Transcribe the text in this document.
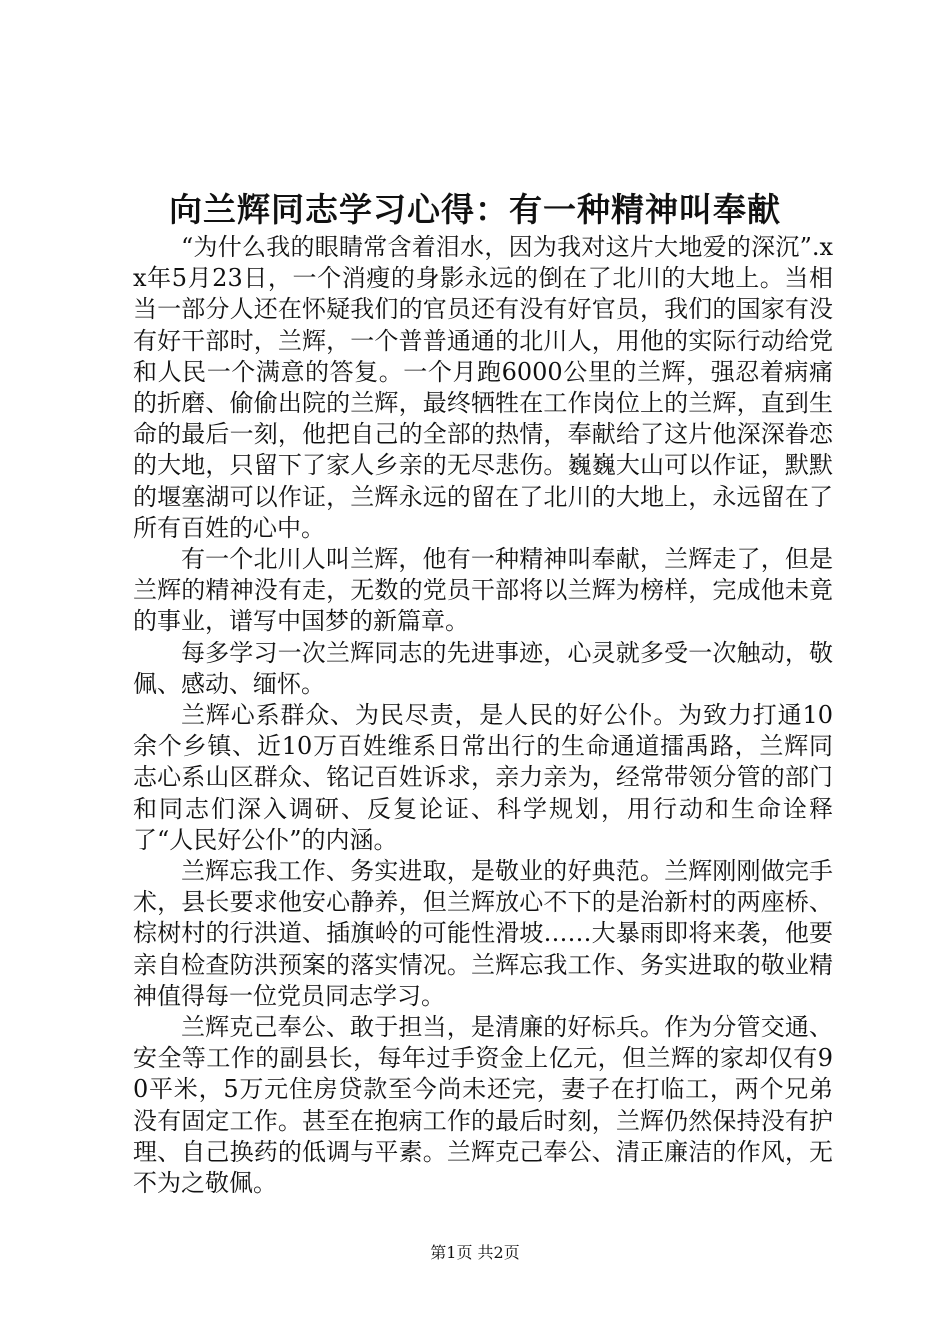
向兰辉同志学习心得：有一种精神叫奉献

“为什么我的眼睛常含着泪水，因为我对这片大地爱的深沉”.xx年5月23日，一个消瘦的身影永远的倒在了北川的大地上。当相当一部分人还在怀疑我们的官员还有没有好官员，我们的国家有没有好干部时，兰辉，一个普普通通的北川人，用他的实际行动给党和人民一个满意的答复。一个月跑6000公里的兰辉，强忍着病痛的折磨、偷偷出院的兰辉，最终牺牲在工作岗位上的兰辉，直到生命的最后一刻，他把自己的全部的热情，奉献给了这片他深深眷恋的大地，只留下了家人乡亲的无尽悲伤。巍巍大山可以作证，默默的堰塞湖可以作证，兰辉永远的留在了北川的大地上，永远留在了所有百姓的心中。

有一个北川人叫兰辉，他有一种精神叫奉献，兰辉走了，但是兰辉的精神没有走，无数的党员干部将以兰辉为榜样，完成他未竟的事业，谱写中国梦的新篇章。

每多学习一次兰辉同志的先进事迹，心灵就多受一次触动，敬佩、感动、缅怀。

兰辉心系群众、为民尽责，是人民的好公仆。为致力打通10余个乡镇、近10万百姓维系日常出行的生命通道擂禹路，兰辉同志心系山区群众、铭记百姓诉求，亲力亲为，经常带领分管的部门和同志们深入调研、反复论证、科学规划，用行动和生命诠释了“人民好公仆”的内涵。

兰辉忘我工作、务实进取，是敬业的好典范。兰辉刚刚做完手术，县长要求他安心静养，但兰辉放心不下的是治新村的两座桥、棕树村的行洪道、插旗岭的可能性滑坡……大暴雨即将来袭，他要亲自检查防洪预案的落实情况。兰辉忘我工作、务实进取的敬业精神值得每一位党员同志学习。

兰辉克己奉公、敢于担当，是清廉的好标兵。作为分管交通、安全等工作的副县长，每年过手资金上亿元，但兰辉的家却仅有90平米，5万元住房贷款至今尚未还完，妻子在打临工，两个兄弟没有固定工作。甚至在抱病工作的最后时刻，兰辉仍然保持没有护理、自己换药的低调与平素。兰辉克己奉公、清正廉洁的作风，无不为之敬佩。

第1页 共2页
